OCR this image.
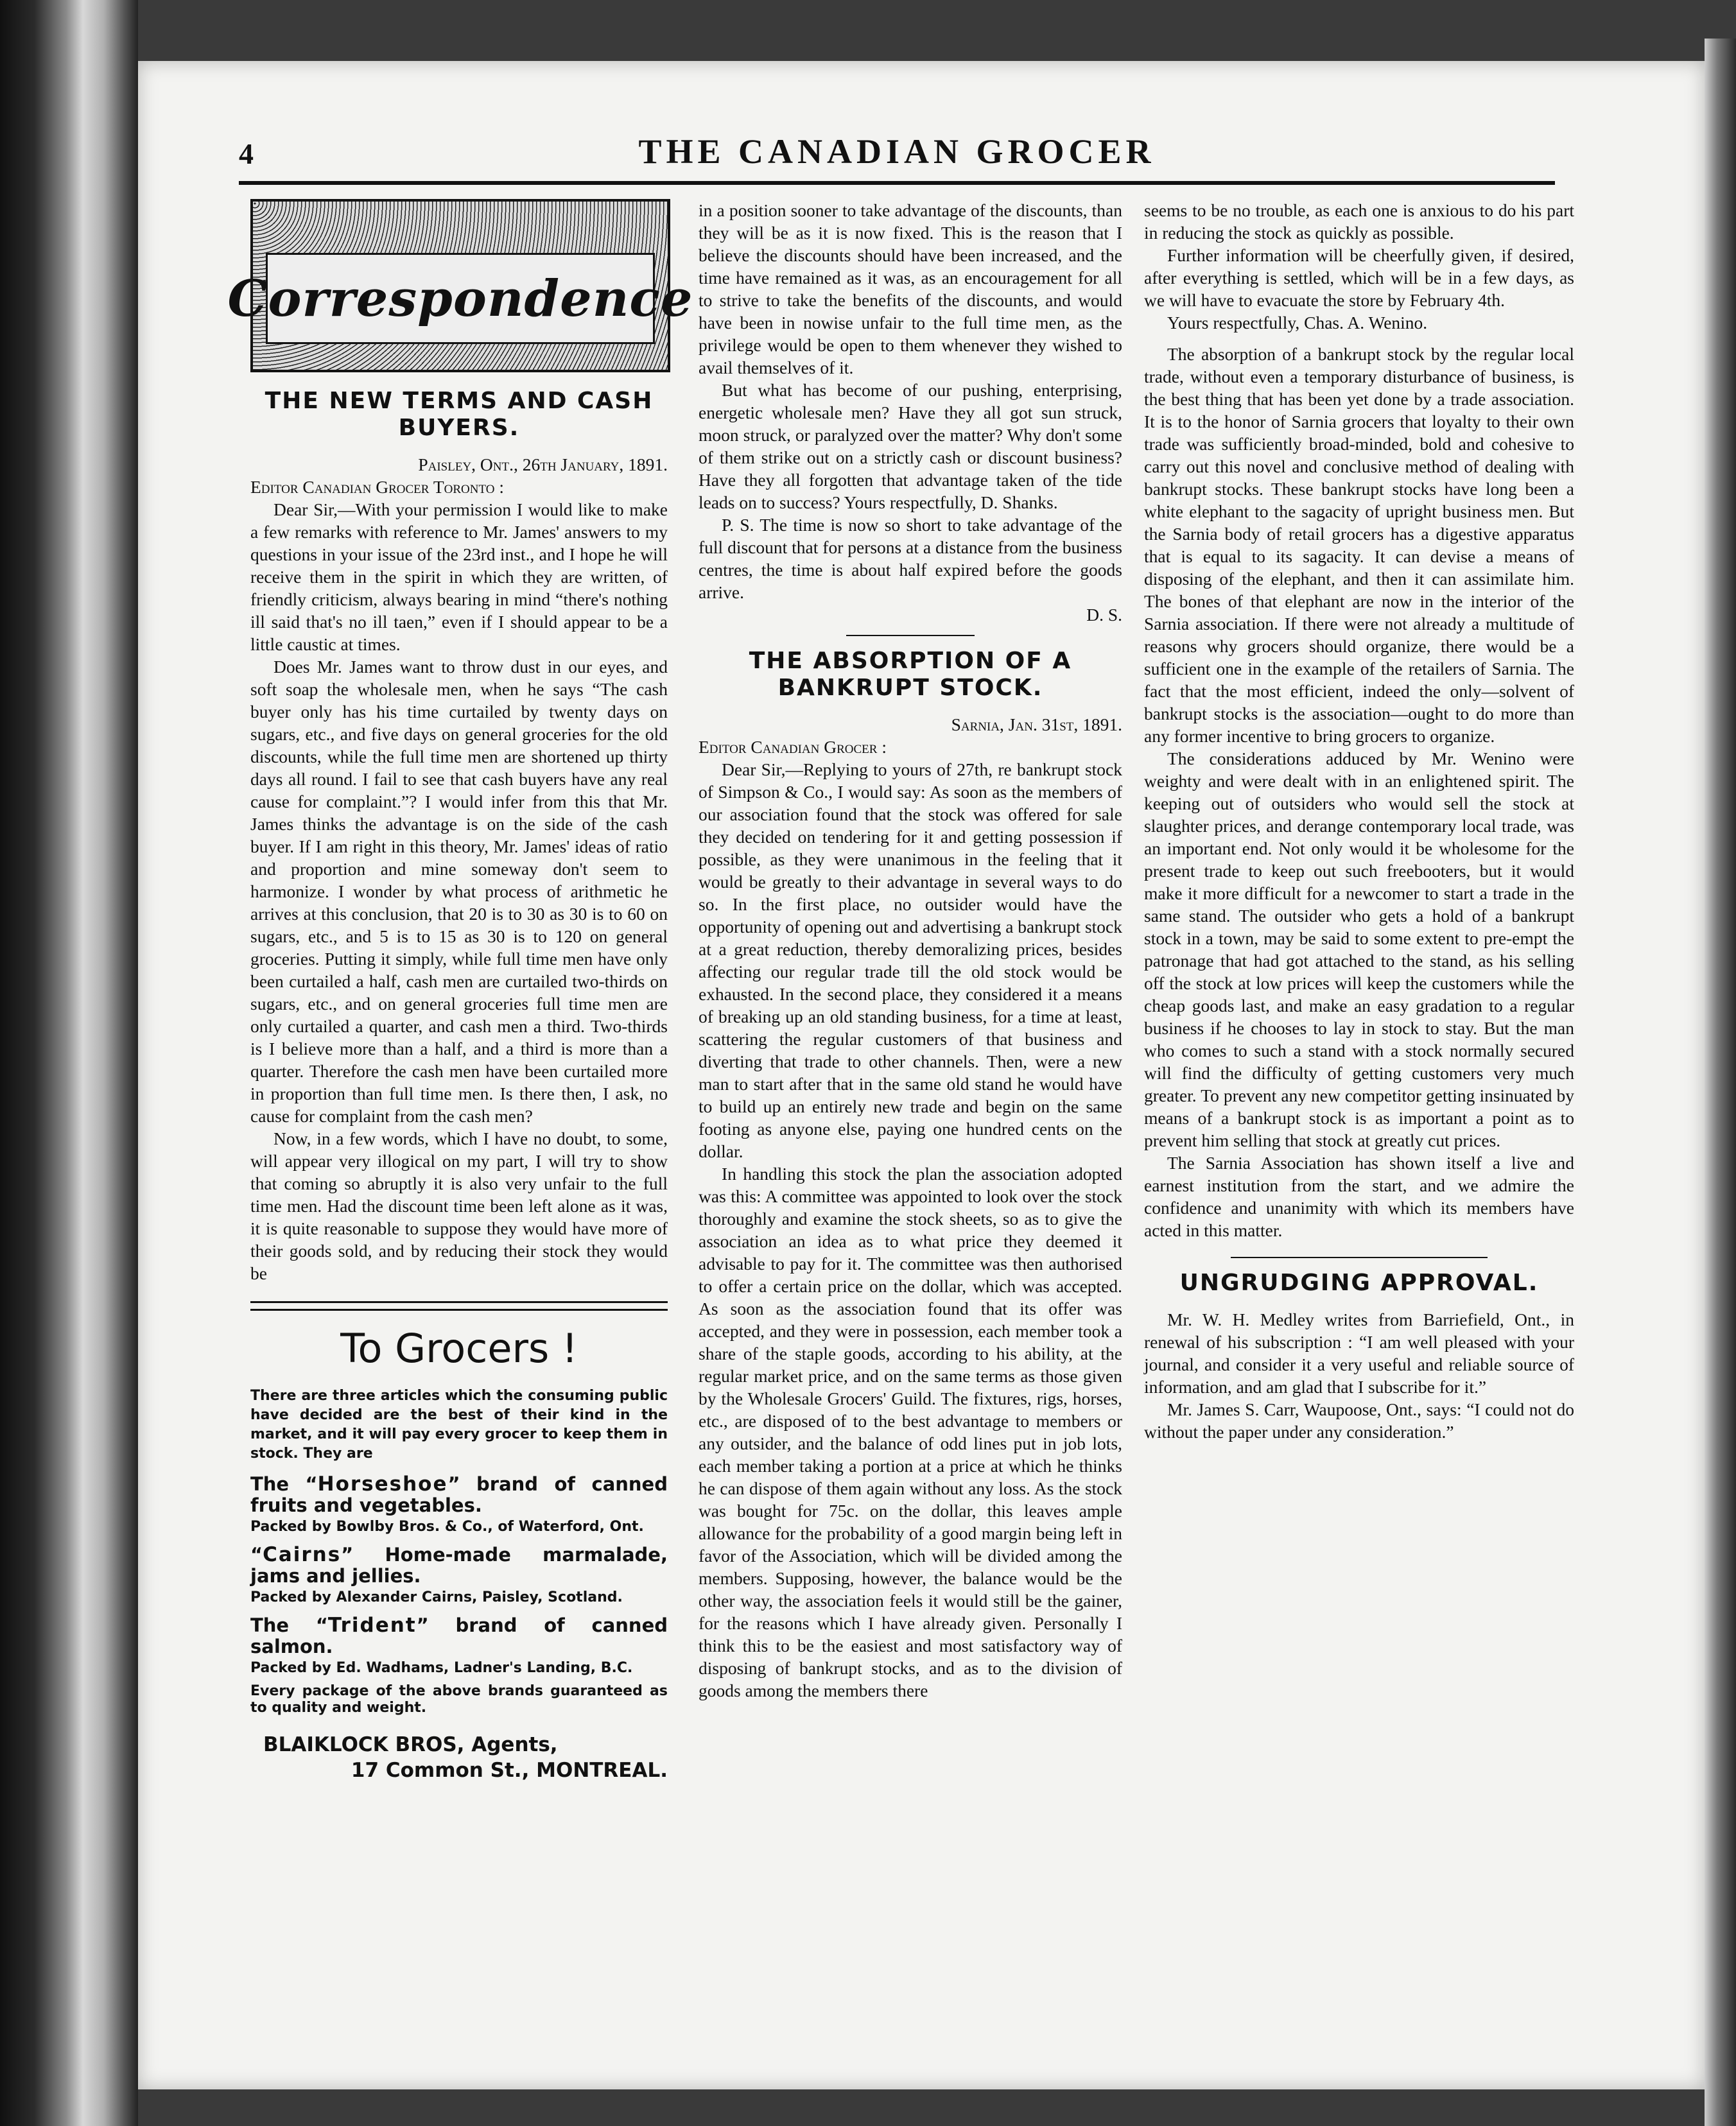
4	THE CANADIAN GROCER
Correspondence
THE NEW TERMS AND CASH BUYERS.

Paisley, Ont., 26th January, 1891.

Editor Canadian Grocer Toronto :

Dear Sir,—With your permission I would like to make a few remarks with reference to Mr. James' answers to my questions in your issue of the 23rd inst., and I hope he will receive them in the spirit in which they are written, of friendly criticism, always bearing in mind “there's nothing ill said that's no ill taen,” even if I should appear to be a little caustic at times.

Does Mr. James want to throw dust in our eyes, and soft soap the wholesale men, when he says “The cash buyer only has his time curtailed by twenty days on sugars, etc., and five days on general groceries for the old discounts, while the full time men are shortened up thirty days all round. I fail to see that cash buyers have any real cause for complaint.”? I would infer from this that Mr. James thinks the advantage is on the side of the cash buyer. If I am right in this theory, Mr. James' ideas of ratio and proportion and mine someway don't seem to harmonize. I wonder by what process of arithmetic he arrives at this conclusion, that 20 is to 30 as 30 is to 60 on sugars, etc., and 5 is to 15 as 30 is to 120 on general groceries. Putting it simply, while full time men have only been curtailed a half, cash men are curtailed two-thirds on sugars, etc., and on general groceries full time men are only curtailed a quarter, and cash men a third. Two-thirds is I believe more than a half, and a third is more than a quarter. Therefore the cash men have been curtailed more in proportion than full time men. Is there then, I ask, no cause for complaint from the cash men?

Now, in a few words, which I have no doubt, to some, will appear very illogical on my part, I will try to show that coming so abruptly it is also very unfair to the full time men. Had the discount time been left alone as it was, it is quite reasonable to suppose they would have more of their goods sold, and by reducing their stock they would be

To Grocers !
There are three articles which the consuming public have decided are the best of their kind in the market, and it will pay every grocer to keep them in stock. They are
The “Horseshoe” brand of canned fruits and vegetables.
Packed by Bowlby Bros. & Co., of Waterford, Ont.
“Cairns” Home-made marmalade, jams and jellies.
Packed by Alexander Cairns, Paisley, Scotland.
The “Trident” brand of canned salmon.
Packed by Ed. Wadhams, Ladner's Landing, B.C.
Every package of the above brands guaranteed as to quality and weight.
BLAIKLOCK BROS, Agents,
17 Common St., MONTREAL.

in a position sooner to take advantage of the discounts, than they will be as it is now fixed. This is the reason that I believe the discounts should have been increased, and the time have remained as it was, as an encouragement for all to strive to take the benefits of the discounts, and would have been in nowise unfair to the full time men, as the privilege would be open to them whenever they wished to avail themselves of it.

But what has become of our pushing, enterprising, energetic wholesale men? Have they all got sun struck, moon struck, or paralyzed over the matter? Why don't some of them strike out on a strictly cash or discount business? Have they all forgotten that advantage taken of the tide leads on to success? Yours respectfully, D. Shanks.

P. S. The time is now so short to take advantage of the full discount that for persons at a distance from the business centres, the time is about half expired before the goods arrive.

D. S.

THE ABSORPTION OF A BANKRUPT STOCK.

Sarnia, Jan. 31st, 1891.

Editor Canadian Grocer :

Dear Sir,—Replying to yours of 27th, re bankrupt stock of Simpson & Co., I would say: As soon as the members of our association found that the stock was offered for sale they decided on tendering for it and getting possession if possible, as they were unanimous in the feeling that it would be greatly to their advantage in several ways to do so. In the first place, no outsider would have the opportunity of opening out and advertising a bankrupt stock at a great reduction, thereby demoralizing prices, besides affecting our regular trade till the old stock would be exhausted. In the second place, they considered it a means of breaking up an old standing business, for a time at least, scattering the regular customers of that business and diverting that trade to other channels. Then, were a new man to start after that in the same old stand he would have to build up an entirely new trade and begin on the same footing as anyone else, paying one hundred cents on the dollar.

In handling this stock the plan the association adopted was this: A committee was appointed to look over the stock thoroughly and examine the stock sheets, so as to give the association an idea as to what price they deemed it advisable to pay for it. The committee was then authorised to offer a certain price on the dollar, which was accepted. As soon as the association found that its offer was accepted, and they were in possession, each member took a share of the staple goods, according to his ability, at the regular market price, and on the same terms as those given by the Wholesale Grocers' Guild. The fixtures, rigs, horses, etc., are disposed of to the best advantage to members or any outsider, and the balance of odd lines put in job lots, each member taking a portion at a price at which he thinks he can dispose of them again without any loss. As the stock was bought for 75c. on the dollar, this leaves ample allowance for the probability of a good margin being left in favor of the Association, which will be divided among the members. Supposing, however, the balance would be the other way, the association feels it would still be the gainer, for the reasons which I have already given. Personally I think this to be the easiest and most satisfactory way of disposing of bankrupt stocks, and as to the division of goods among the members there

seems to be no trouble, as each one is anxious to do his part in reducing the stock as quickly as possible.

Further information will be cheerfully given, if desired, after everything is settled, which will be in a few days, as we will have to evacuate the store by February 4th.

Yours respectfully, Chas. A. Wenino.

The absorption of a bankrupt stock by the regular local trade, without even a temporary disturbance of business, is the best thing that has been yet done by a trade association. It is to the honor of Sarnia grocers that loyalty to their own trade was sufficiently broad-minded, bold and cohesive to carry out this novel and conclusive method of dealing with bankrupt stocks. These bankrupt stocks have long been a white elephant to the sagacity of upright business men. But the Sarnia body of retail grocers has a digestive apparatus that is equal to its sagacity. It can devise a means of disposing of the elephant, and then it can assimilate him. The bones of that elephant are now in the interior of the Sarnia association. If there were not already a multitude of reasons why grocers should organize, there would be a sufficient one in the example of the retailers of Sarnia. The fact that the most efficient, indeed the only—solvent of bankrupt stocks is the association—ought to do more than any former incentive to bring grocers to organize.

The considerations adduced by Mr. Wenino were weighty and were dealt with in an enlightened spirit. The keeping out of outsiders who would sell the stock at slaughter prices, and derange contemporary local trade, was an important end. Not only would it be wholesome for the present trade to keep out such freebooters, but it would make it more difficult for a newcomer to start a trade in the same stand. The outsider who gets a hold of a bankrupt stock in a town, may be said to some extent to pre-empt the patronage that had got attached to the stand, as his selling off the stock at low prices will keep the customers while the cheap goods last, and make an easy gradation to a regular business if he chooses to lay in stock to stay. But the man who comes to such a stand with a stock normally secured will find the difficulty of getting customers very much greater. To prevent any new competitor getting insinuated by means of a bankrupt stock is as important a point as to prevent him selling that stock at greatly cut prices.

The Sarnia Association has shown itself a live and earnest institution from the start, and we admire the confidence and unanimity with which its members have acted in this matter.

UNGRUDGING APPROVAL.

Mr. W. H. Medley writes from Barriefield, Ont., in renewal of his subscription : “I am well pleased with your journal, and consider it a very useful and reliable source of information, and am glad that I subscribe for it.”

Mr. James S. Carr, Waupoose, Ont., says: “I could not do without the paper under any consideration.”
